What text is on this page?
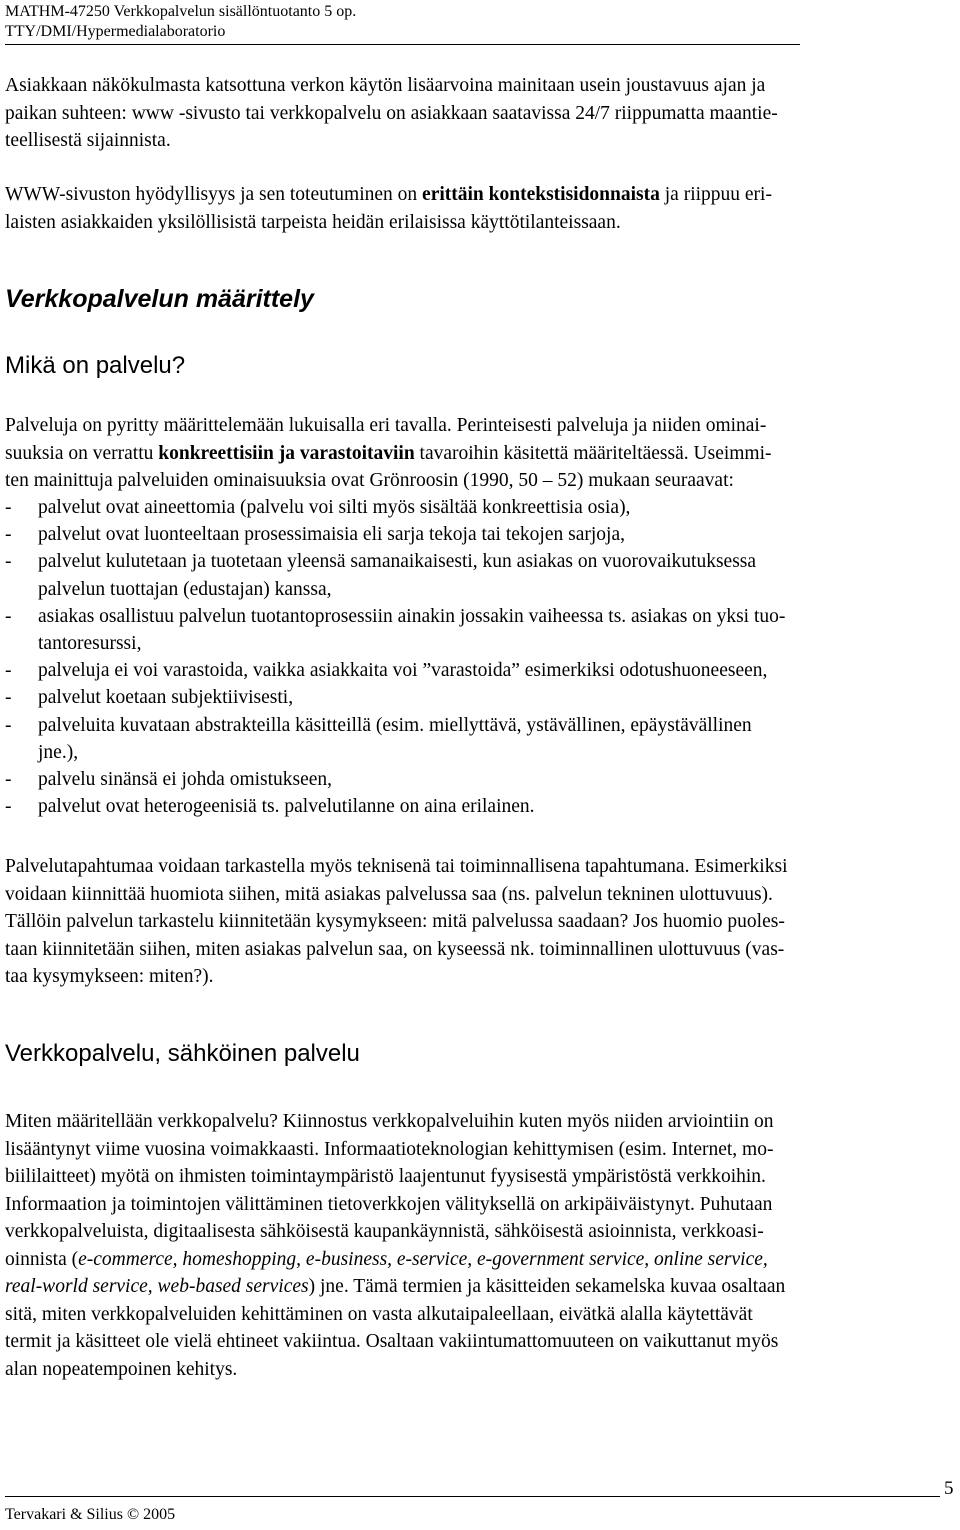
MATHM-47250 Verkkopalvelun sisällöntuotanto 5 op.
TTY/DMI/Hypermedialaboratorio

Asiakkaan näkökulmasta katsottuna verkon käytön lisäarvoina mainitaan usein joustavuus ajan ja
paikan suhteen: www -sivusto tai verkkopalvelu on asiakkaan saatavissa 24/7 riippumatta maantie-
teellisestä sijainnista.

WWW-sivuston hyödyllisyys ja sen toteutuminen on erittäin kontekstisidonnaista ja riippuu eri-
laisten asiakkaiden yksilöllisistä tarpeista heidän erilaisissa käyttötilanteissaan.

Verkkopalvelun määrittely
Mikä on palvelu?

Palveluja on pyritty määrittelemään lukuisalla eri tavalla. Perinteisesti palveluja ja niiden ominai-
suuksia on verrattu konkreettisiin ja varastoitaviin tavaroihin käsitettä määriteltäessä. Useimmi-
ten mainittuja palveluiden ominaisuuksia ovat Grönroosin (1990, 50 – 52) mukaan seuraavat:

- palvelut ovat aineettomia (palvelu voi silti myös sisältää konkreettisia osia),
- palvelut ovat luonteeltaan prosessimaisia eli sarja tekoja tai tekojen sarjoja,
- palvelut kulutetaan ja tuotetaan yleensä samanaikaisesti, kun asiakas on vuorovaikutuksessa
palvelun tuottajan (edustajan) kanssa,
- asiakas osallistuu palvelun tuotantoprosessiin ainakin jossakin vaiheessa ts. asiakas on yksi tuo-
tantoresurssi,
- palveluja ei voi varastoida, vaikka asiakkaita voi ”varastoida” esimerkiksi odotushuoneeseen,
- palvelut koetaan subjektiivisesti,
- palveluita kuvataan abstrakteilla käsitteillä (esim. miellyttävä, ystävällinen, epäystävällinen
jne.),
- palvelu sinänsä ei johda omistukseen,
- palvelut ovat heterogeenisiä ts. palvelutilanne on aina erilainen.

Palvelutapahtumaa voidaan tarkastella myös teknisenä tai toiminnallisena tapahtumana. Esimerkiksi
voidaan kiinnittää huomiota siihen, mitä asiakas palvelussa saa (ns. palvelun tekninen ulottuvuus).
Tällöin palvelun tarkastelu kiinnitetään kysymykseen: mitä palvelussa saadaan? Jos huomio puoles-
taan kiinnitetään siihen, miten asiakas palvelun saa, on kyseessä nk. toiminnallinen ulottuvuus (vas-
taa kysymykseen: miten?).

Verkkopalvelu, sähköinen palvelu

Miten määritellään verkkopalvelu? Kiinnostus verkkopalveluihin kuten myös niiden arviointiin on
lisääntynyt viime vuosina voimakkaasti. Informaatioteknologian kehittymisen (esim. Internet, mo-
biililaitteet) myötä on ihmisten toimintaympäristö laajentunut fyysisestä ympäristöstä verkkoihin.
Informaation ja toimintojen välittäminen tietoverkkojen välityksellä on arkipäiväistynyt. Puhutaan
verkkopalveluista, digitaalisesta sähköisestä kaupankäynnistä, sähköisestä asioinnista, verkkoasi-
oinnista (e-commerce, homeshopping, e-business, e-service, e-government service, online service,
real-world service, web-based services) jne. Tämä termien ja käsitteiden sekamelska kuvaa osaltaan
sitä, miten verkkopalveluiden kehittäminen on vasta alkutaipaleellaan, eivätkä alalla käytettävät
termit ja käsitteet ole vielä ehtineet vakiintua. Osaltaan vakiintumattomuuteen on vaikuttanut myös
alan nopeatempoinen kehitys.

5
Tervakari & Silius © 2005
